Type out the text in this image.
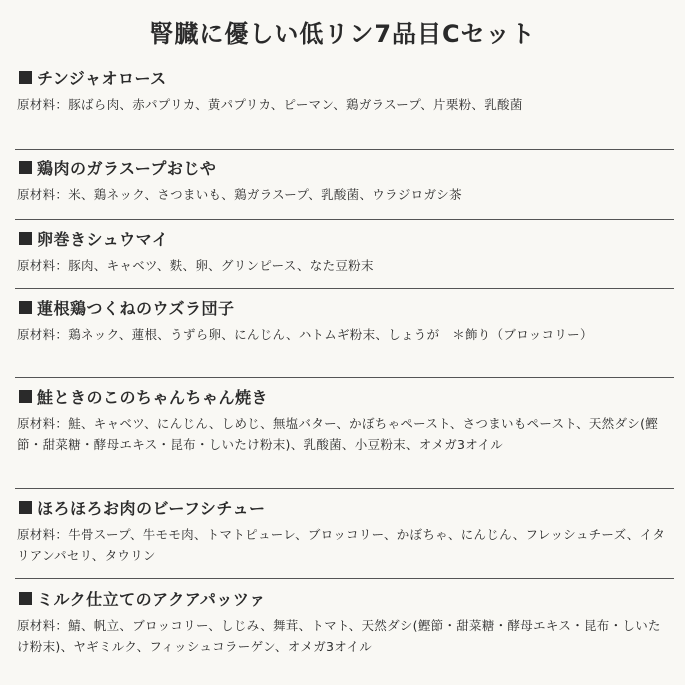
腎臓に優しい低リン7品目Cセット
チンジャオロース
原材料：豚ばら肉、赤パプリカ、黄パプリカ、ピーマン、鶏ガラスープ、片栗粉、乳酸菌
鶏肉のガラスープおじや
原材料：米、鶏ネック、さつまいも、鶏ガラスープ、乳酸菌、ウラジロガシ茶
卵巻きシュウマイ
原材料：豚肉、キャベツ、麩、卵、グリンピース、なた豆粉末
蓮根鶏つくねのウズラ団子
原材料：鶏ネック、蓮根、うずら卵、にんじん、ハトムギ粉末、しょうが　＊飾り（ブロッコリー）
鮭ときのこのちゃんちゃん焼き
原材料：鮭、キャベツ、にんじん、しめじ、無塩バター、かぼちゃペースト、さつまいもペースト、天然ダシ(鰹節・甜菜糖・酵母エキス・昆布・しいたけ粉末)、乳酸菌、小豆粉末、オメガ3オイル
ほろほろお肉のビーフシチュー
原材料：牛骨スープ、牛モモ肉、トマトピューレ、ブロッコリー、かぼちゃ、にんじん、フレッシュチーズ、イタリアンパセリ、タウリン
ミルク仕立てのアクアパッツァ
原材料：鯖、帆立、ブロッコリー、しじみ、舞茸、トマト、天然ダシ(鰹節・甜菜糖・酵母エキス・昆布・しいたけ粉末)、ヤギミルク、フィッシュコラーゲン、オメガ3オイル
